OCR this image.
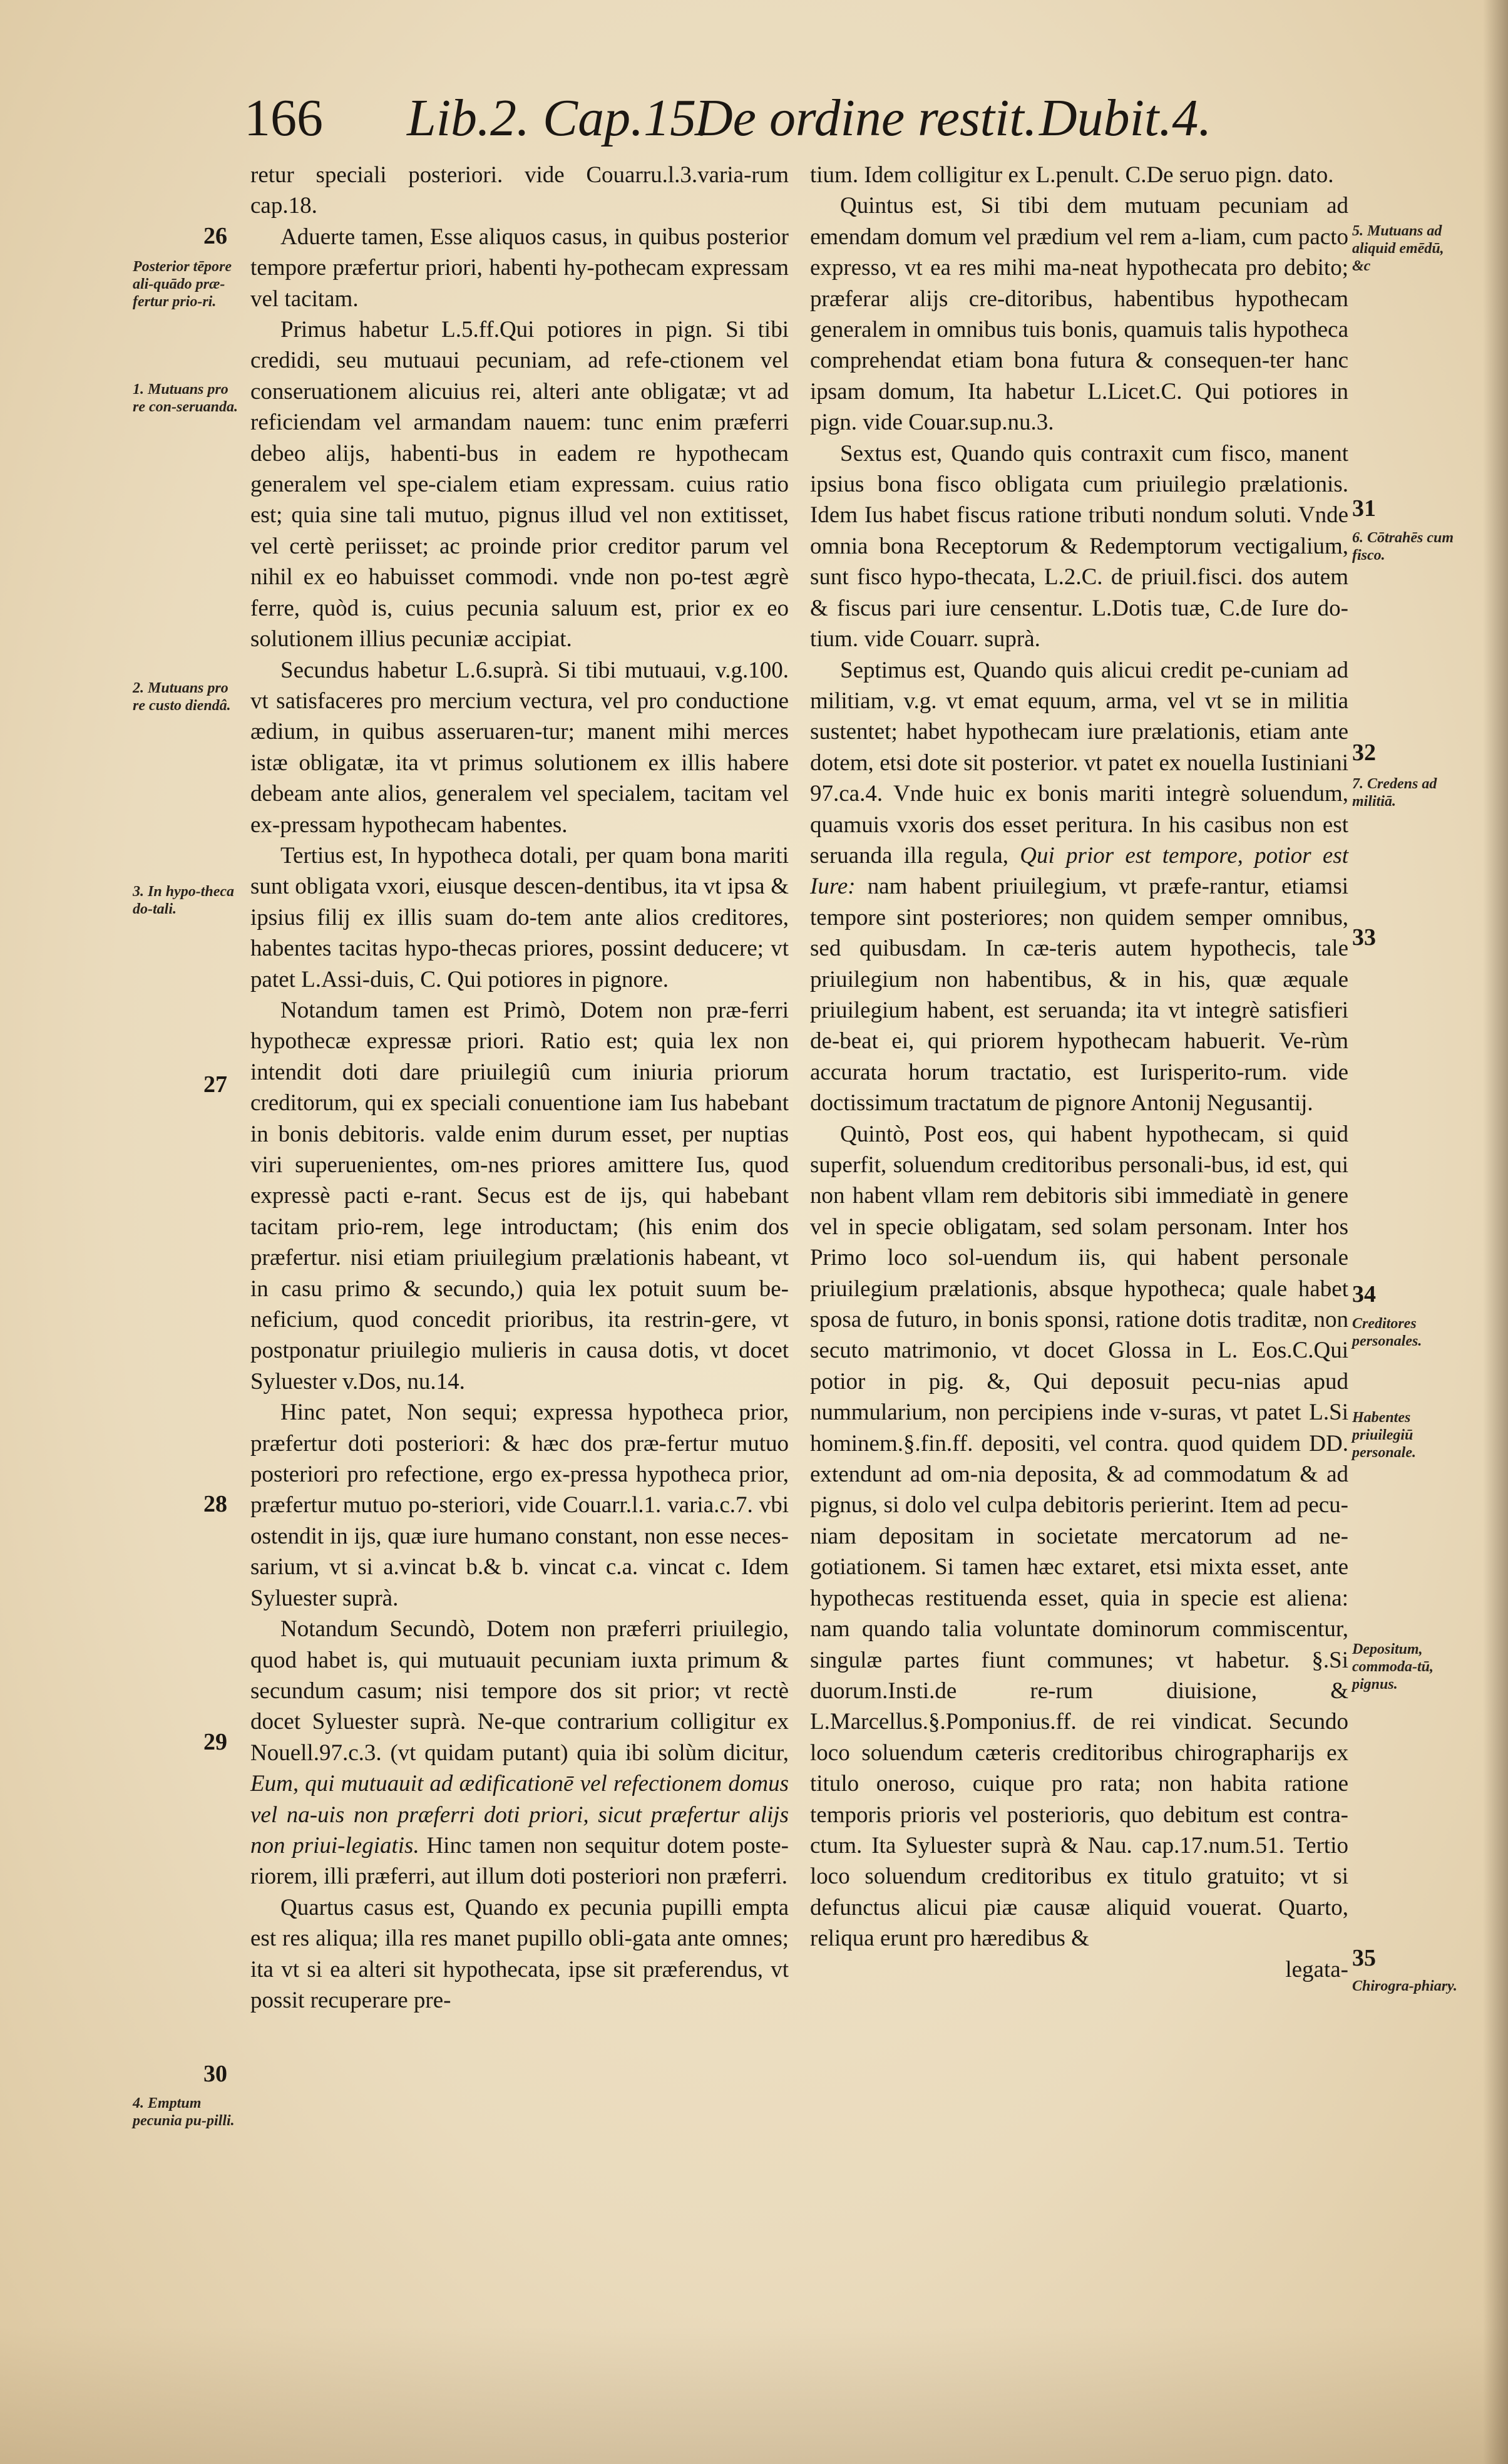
166 Lib.2. Cap.15.
De ordine restit. Dubit.4.

retur speciali posteriori. vide Couarru.l.3.varia-rum cap.18.

Aduerte tamen, Esse aliquos casus, in quibus posterior tempore præfertur priori, habenti hy-pothecam expressam vel tacitam.

Primus habetur L.5.ff.Qui potiores in pign. Si tibi credidi, seu mutuaui pecuniam, ad refe-ctionem vel conseruationem alicuius rei, alteri ante obligatæ; vt ad reficiendam vel armandam nauem: tunc enim præferri debeo alijs, habenti-bus in eadem re hypothecam generalem vel spe-cialem etiam expressam. cuius ratio est; quia sine tali mutuo, pignus illud vel non extitisset, vel certè periisset; ac proinde prior creditor parum vel nihil ex eo habuisset commodi. vnde non po-test ægrè ferre, quòd is, cuius pecunia saluum est, prior ex eo solutionem illius pecuniæ accipiat.

Secundus habetur L.6.suprà. Si tibi mutuaui, v.g.100. vt satisfaceres pro mercium vectura, vel pro conductione ædium, in quibus asseruaren-tur; manent mihi merces istæ obligatæ, ita vt primus solutionem ex illis habere debeam ante alios, generalem vel specialem, tacitam vel ex-pressam hypothecam habentes.

Tertius est, In hypotheca dotali, per quam bona mariti sunt obligata vxori, eiusque descen-dentibus, ita vt ipsa & ipsius filij ex illis suam do-tem ante alios creditores, habentes tacitas hypo-thecas priores, possint deducere; vt patet L.Assi-duis, C. Qui potiores in pignore.

Notandum tamen est Primò, Dotem non præ-ferri hypothecæ expressæ priori. Ratio est; quia lex non intendit doti dare priuilegiû cum iniuria priorum creditorum, qui ex speciali conuentione iam Ius habebant in bonis debitoris. valde enim durum esset, per nuptias viri superuenientes, om-nes priores amittere Ius, quod expressè pacti e-rant. Secus est de ijs, qui habebant tacitam prio-rem, lege introductam; (his enim dos præfertur. nisi etiam priuilegium prælationis habeant, vt in casu primo & secundo,) quia lex potuit suum be-neficium, quod concedit prioribus, ita restrin-gere, vt postponatur priuilegio mulieris in causa dotis, vt docet Syluester v.Dos, nu.14.

Hinc patet, Non sequi; expressa hypotheca prior, præfertur doti posteriori: & hæc dos præ-fertur mutuo posteriori pro refectione, ergo ex-pressa hypotheca prior, præfertur mutuo po-steriori, vide Couarr.l.1. varia.c.7. vbi ostendit in ijs, quæ iure humano constant, non esse neces-sarium, vt si a.vincat b.& b. vincat c.a. vincat c. Idem Syluester suprà.

Notandum Secundò, Dotem non præferri priuilegio, quod habet is, qui mutuauit pecuniam iuxta primum & secundum casum; nisi tempore dos sit prior; vt rectè docet Syluester suprà. Ne-que contrarium colligitur ex Nouell.97.c.3. (vt quidam putant) quia ibi solùm dicitur, Eum, qui mutuauit ad ædificationē vel refectionem domus vel na-uis non præferri doti priori, sicut præfertur alijs non priui-legiatis. Hinc tamen non sequitur dotem poste-riorem, illi præferri, aut illum doti posteriori non præferri.

Quartus casus est, Quando ex pecunia pupilli empta est res aliqua; illa res manet pupillo obli-gata ante omnes; ita vt si ea alteri sit hypothecata, ipse sit præferendus, vt possit recuperare pre-

tium. Idem colligitur ex L.penult. C.De seruo pign. dato.

Quintus est, Si tibi dem mutuam pecuniam ad emendam domum vel prædium vel rem a-liam, cum pacto expresso, vt ea res mihi ma-neat hypothecata pro debito; præferar alijs cre-ditoribus, habentibus hypothecam generalem in omnibus tuis bonis, quamuis talis hypotheca comprehendat etiam bona futura & consequen-ter hanc ipsam domum, Ita habetur L.Licet.C. Qui potiores in pign. vide Couar.sup.nu.3.

Sextus est, Quando quis contraxit cum fisco, manent ipsius bona fisco obligata cum priuilegio prælationis. Idem Ius habet fiscus ratione tributi nondum soluti. Vnde omnia bona Receptorum & Redemptorum vectigalium, sunt fisco hypo-thecata, L.2.C. de priuil.fisci. dos autem & fiscus pari iure censentur. L.Dotis tuæ, C.de Iure do-tium. vide Couarr. suprà.

Septimus est, Quando quis alicui credit pe-cuniam ad militiam, v.g. vt emat equum, arma, vel vt se in militia sustentet; habet hypothecam iure prælationis, etiam ante dotem, etsi dote sit posterior. vt patet ex nouella Iustiniani 97.ca.4. Vnde huic ex bonis mariti integrè soluendum, quamuis vxoris dos esset peritura. In his casibus non est seruanda illa regula, Qui prior est tempore, potior est Iure: nam habent priuilegium, vt præfe-rantur, etiamsi tempore sint posteriores; non quidem semper omnibus, sed quibusdam. In cæ-teris autem hypothecis, tale priuilegium non habentibus, & in his, quæ æquale priuilegium habent, est seruanda; ita vt integrè satisfieri de-beat ei, qui priorem hypothecam habuerit. Ve-rùm accurata horum tractatio, est Iurisperito-rum. vide doctissimum tractatum de pignore Antonij Negusantij.

Quintò, Post eos, qui habent hypothecam, si quid superfit, soluendum creditoribus personali-bus, id est, qui non habent vllam rem debitoris sibi immediatè in genere vel in specie obligatam, sed solam personam. Inter hos Primo loco sol-uendum iis, qui habent personale priuilegium prælationis, absque hypotheca; quale habet sposa de futuro, in bonis sponsi, ratione dotis traditæ, non secuto matrimonio, vt docet Glossa in L. Eos.C.Qui potior in pig. &, Qui deposuit pecu-nias apud nummularium, non percipiens inde v-suras, vt patet L.Si hominem.§.fin.ff. depositi, vel contra. quod quidem DD. extendunt ad om-nia deposita, & ad commodatum & ad pignus, si dolo vel culpa debitoris perierint. Item ad pecu-niam depositam in societate mercatorum ad ne-gotiationem. Si tamen hæc extaret, etsi mixta esset, ante hypothecas restituenda esset, quia in specie est aliena: nam quando talia voluntate dominorum commiscentur, singulæ partes fiunt communes; vt habetur. §.Si duorum.Insti.de re-rum diuisione, & L.Marcellus.§.Pomponius.ff. de rei vindicat. Secundo loco soluendum cæteris creditoribus chirographarijs ex titulo oneroso, cuique pro rata; non habita ratione temporis prioris vel posterioris, quo debitum est contra-ctum. Ita Syluester suprà & Nau. cap.17.num.51. Tertio loco soluendum creditoribus ex titulo gratuito; vt si defunctus alicui piæ causæ aliquid vouerat. Quarto, reliqua erunt pro hæredibus &

legata-

26
Posterior tēpore ali-quādo præ-fertur prio-ri.
1. Mutuans pro re con-seruanda.
2. Mutuans pro re custo diendâ.
3. In hypo-theca do-tali.
27
28
29
30
4. Emptum pecunia pu-pilli.
5. Mutuans ad aliquid emēdū, &c
31
6. Cōtrahēs cum fisco.
32
7. Credens ad militiā.
33
34
Creditores personales.
Habentes priuilegiū personale.
Depositum, commoda-tū, pignus.
35
Chirogra-phiary.
